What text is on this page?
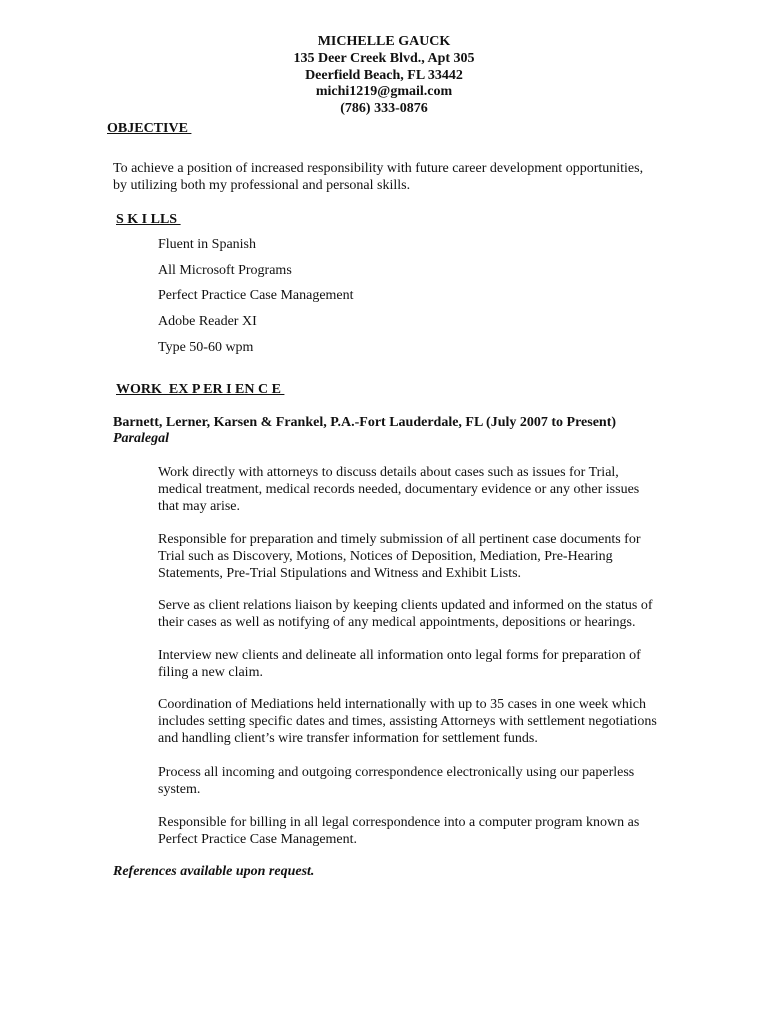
MICHELLE GAUCK
135 Deer Creek Blvd., Apt 305
Deerfield Beach, FL 33442
michi1219@gmail.com
(786) 333-0876
OBJECTIVE
To achieve a position of increased responsibility with future career development opportunities, by utilizing both my professional and personal skills.
S K I LLS
Fluent in Spanish
All Microsoft Programs
Perfect Practice Case Management
Adobe Reader XI
Type 50-60 wpm
WORK  EX P ER I EN C E
Barnett, Lerner, Karsen & Frankel, P.A.-Fort Lauderdale, FL (July 2007 to Present)
Paralegal
Work directly with attorneys to discuss details about cases such as issues for Trial, medical treatment, medical records needed, documentary evidence or any other issues that may arise.
Responsible for preparation and timely submission of all pertinent case documents for Trial such as Discovery, Motions, Notices of Deposition, Mediation, Pre-Hearing Statements, Pre-Trial Stipulations and Witness and Exhibit Lists.
Serve as client relations liaison by keeping clients updated and informed on the status of their cases as well as notifying of any medical appointments, depositions or hearings.
Interview new clients and delineate all information onto legal forms for preparation of filing a new claim.
Coordination of Mediations held internationally with up to 35 cases in one week which includes setting specific dates and times, assisting Attorneys with settlement negotiations and handling client’s wire transfer information for settlement funds.
Process all incoming and outgoing correspondence electronically using our paperless system.
Responsible for billing in all legal correspondence into a computer program known as Perfect Practice Case Management.
References available upon request.
